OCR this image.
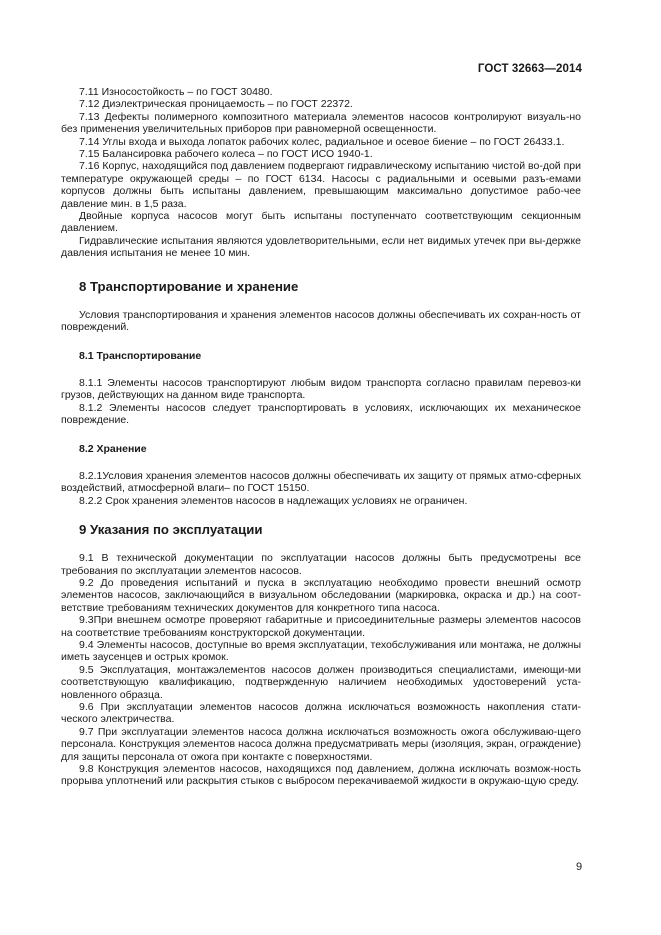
ГОСТ 32663—2014

7.11 Износостойкость – по ГОСТ 30480.

7.12 Диэлектрическая проницаемость – по ГОСТ 22372.

7.13 Дефекты полимерного композитного материала элементов насосов контролируют визуаль-но без применения увеличительных приборов при равномерной освещенности.

7.14 Углы входа и выхода лопаток рабочих колес, радиальное и осевое биение – по ГОСТ 26433.1.

7.15 Балансировка рабочего колеса – по ГОСТ ИСО 1940-1.

7.16 Корпус, находящийся под давлением подвергают гидравлическому испытанию чистой во-дой при температуре окружающей среды – по ГОСТ 6134. Насосы с радиальными и осевыми разъ-емами корпусов должны быть испытаны давлением, превышающим максимально допустимое рабо-чее давление мин. в 1,5 раза.

Двойные корпуса насосов могут быть испытаны поступенчато соответствующим секционным давлением.

Гидравлические испытания являются удовлетворительными, если нет видимых утечек при вы-держке давления испытания не менее 10 мин.

8 Транспортирование и хранение

Условия транспортирования и хранения элементов насосов должны обеспечивать их сохран-ность от повреждений.

8.1 Транспортирование

8.1.1 Элементы насосов транспортируют любым видом транспорта согласно правилам перевоз-ки грузов, действующих на данном виде транспорта.

8.1.2 Элементы насосов следует транспортировать в условиях, исключающих их механическое повреждение.

8.2 Хранение

8.2.1Условия хранения элементов насосов должны обеспечивать их защиту от прямых атмо-сферных воздействий, атмосферной влаги– по ГОСТ 15150.

8.2.2 Срок хранения элементов насосов в надлежащих условиях не ограничен.

9 Указания по эксплуатации

9.1 В технической документации по эксплуатации насосов должны быть предусмотрены все требования по эксплуатации элементов насосов.

9.2 До проведения испытаний и пуска в эксплуатацию необходимо провести внешний осмотр элементов насосов, заключающийся в визуальном обследовании (маркировка, окраска и др.) на соот-ветствие требованиям технических документов для конкретного типа насоса.

9.3При внешнем осмотре проверяют габаритные и присоединительные размеры элементов насосов на соответствие требованиям конструкторской документации.

9.4 Элементы насосов, доступные во время эксплуатации, техобслуживания или монтажа, не должны иметь заусенцев и острых кромок.

9.5 Эксплуатация, монтажэлементов насосов должен производиться специалистами, имеющи-ми соответствующую квалификацию, подтвержденную наличием необходимых удостоверений уста-новленного образца.

9.6 При эксплуатации элементов насосов должна исключаться возможность накопления стати-ческого электричества.

9.7 При эксплуатации элементов насоса должна исключаться возможность ожога обслуживаю-щего персонала. Конструкция элементов насоса должна предусматривать меры (изоляция, экран, ограждение) для защиты персонала от ожога при контакте с поверхностями.

9.8 Конструкция элементов насосов, находящихся под давлением, должна исключать возмож-ность прорыва уплотнений или раскрытия стыков с выбросом перекачиваемой жидкости в окружаю-щую среду.

9
